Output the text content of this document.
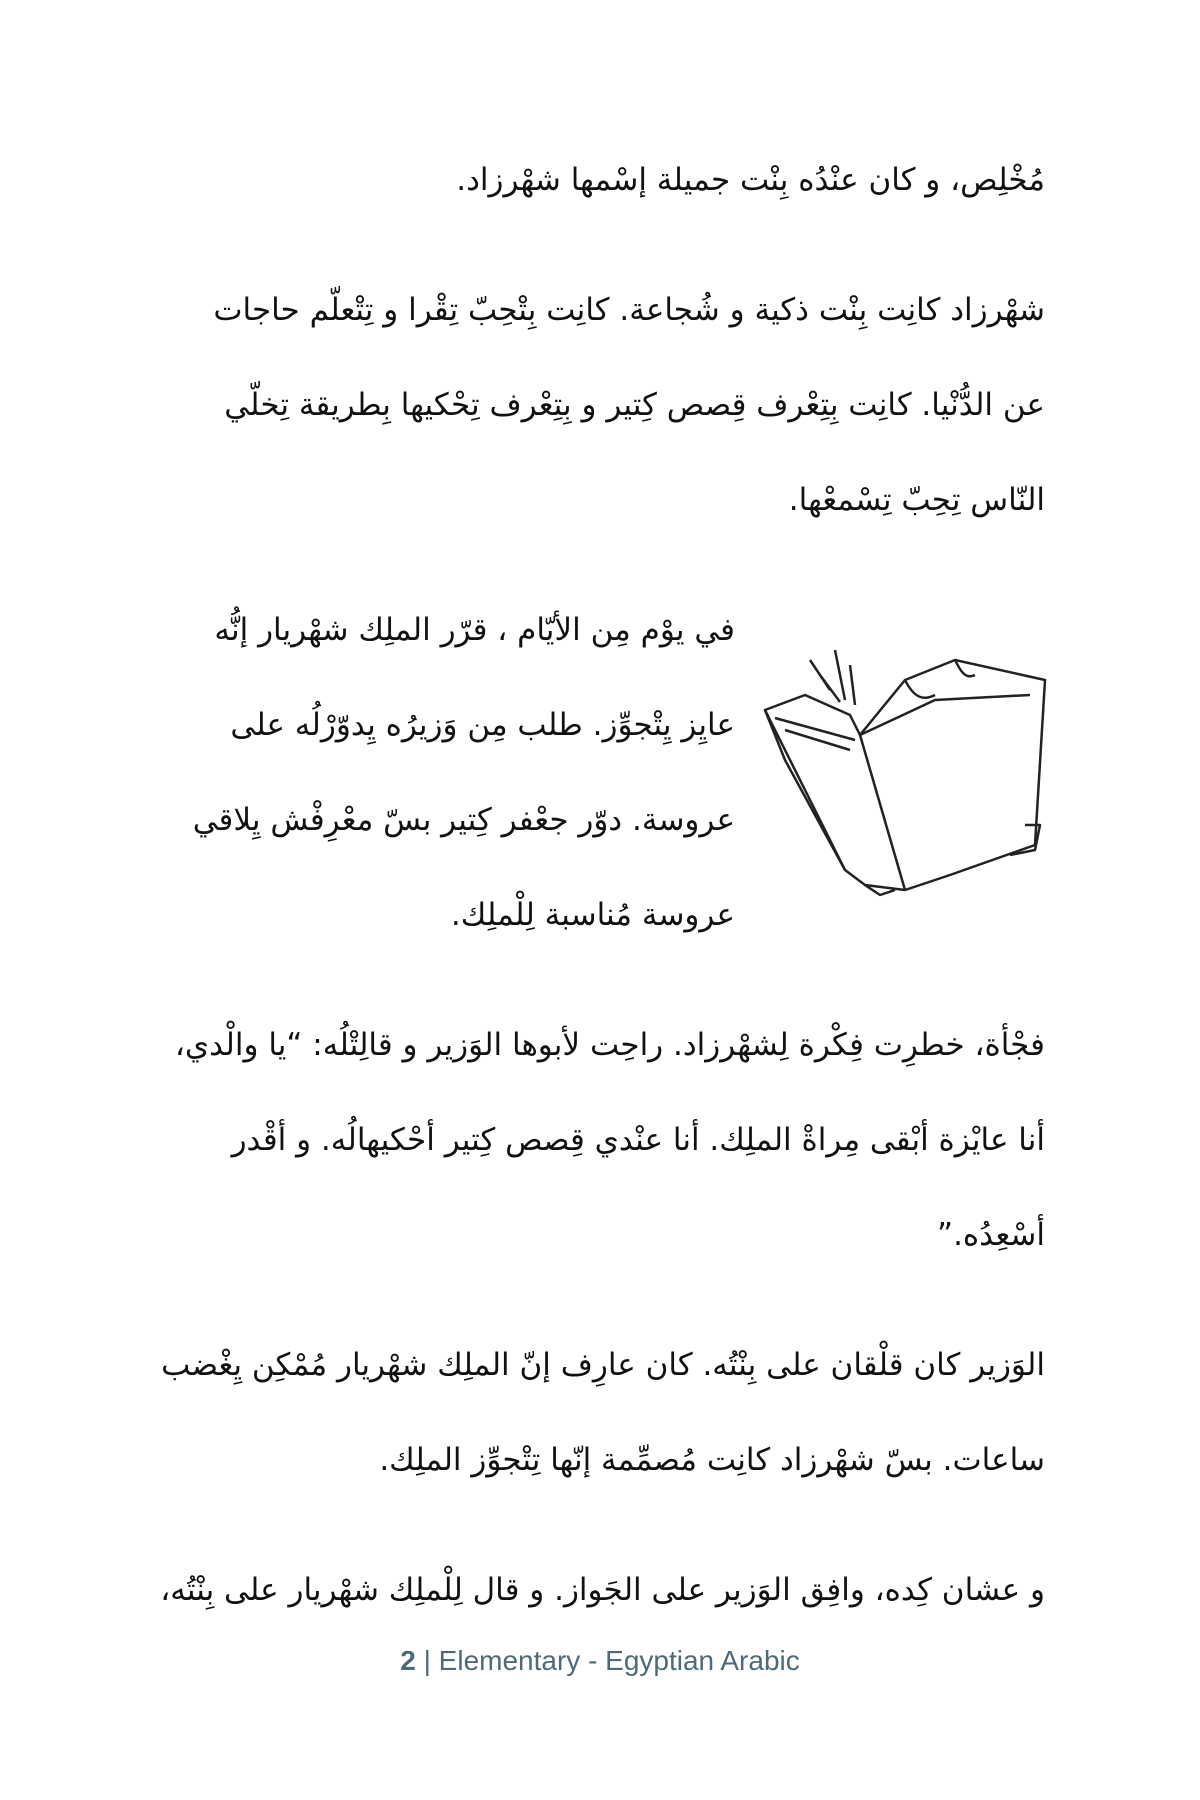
مُخْلِص، و كان عنْدُه بِنْت جميلة إسْمها شهْرزاد.
شهْرزاد كانِت بِنْت ذكية و شُجاعة. كانِت بِتْحِبّ تِقْرا و تِتْعلّم حاجات
عن الدُّنْيا. كانِت بِتِعْرف قِصص كِتير و بِتِعْرف تِحْكيها بِطريقة تِخلّي
النّاس تِحِبّ تِسْمعْها.
في يوْم مِن الأيّام ، قرّر الملِك شهْريار إنُّه
عايِز يِتْجوِّز. طلب مِن وَزيرُه يِدوّرْلُه على
عروسة. دوّر جعْفر كِتير بسّ معْرِفْش يِلاقي
عروسة مُناسبة لِلْملِك.
فجْأة، خطرِت فِكْرة لِشهْرزاد. راحِت لأبوها الوَزير و قالِتْلُه: “يا والْدي،
أنا عايْزة أبْقى مِراةْ الملِك. أنا عنْدي قِصص كِتير أحْكيهالُه. و أقْدر
أسْعِدُه.”
الوَزير كان قلْقان على بِنْتُه. كان عارِف إنّ الملِك شهْريار مُمْكِن يِغْضب
ساعات. بسّ شهْرزاد كانِت مُصمِّمة إنّها تِتْجوِّز الملِك.
و عشان كِده، وافِق الوَزير على الجَواز. و قال لِلْملِك شهْريار على بِنْتُه،
2 | Elementary - Egyptian Arabic
